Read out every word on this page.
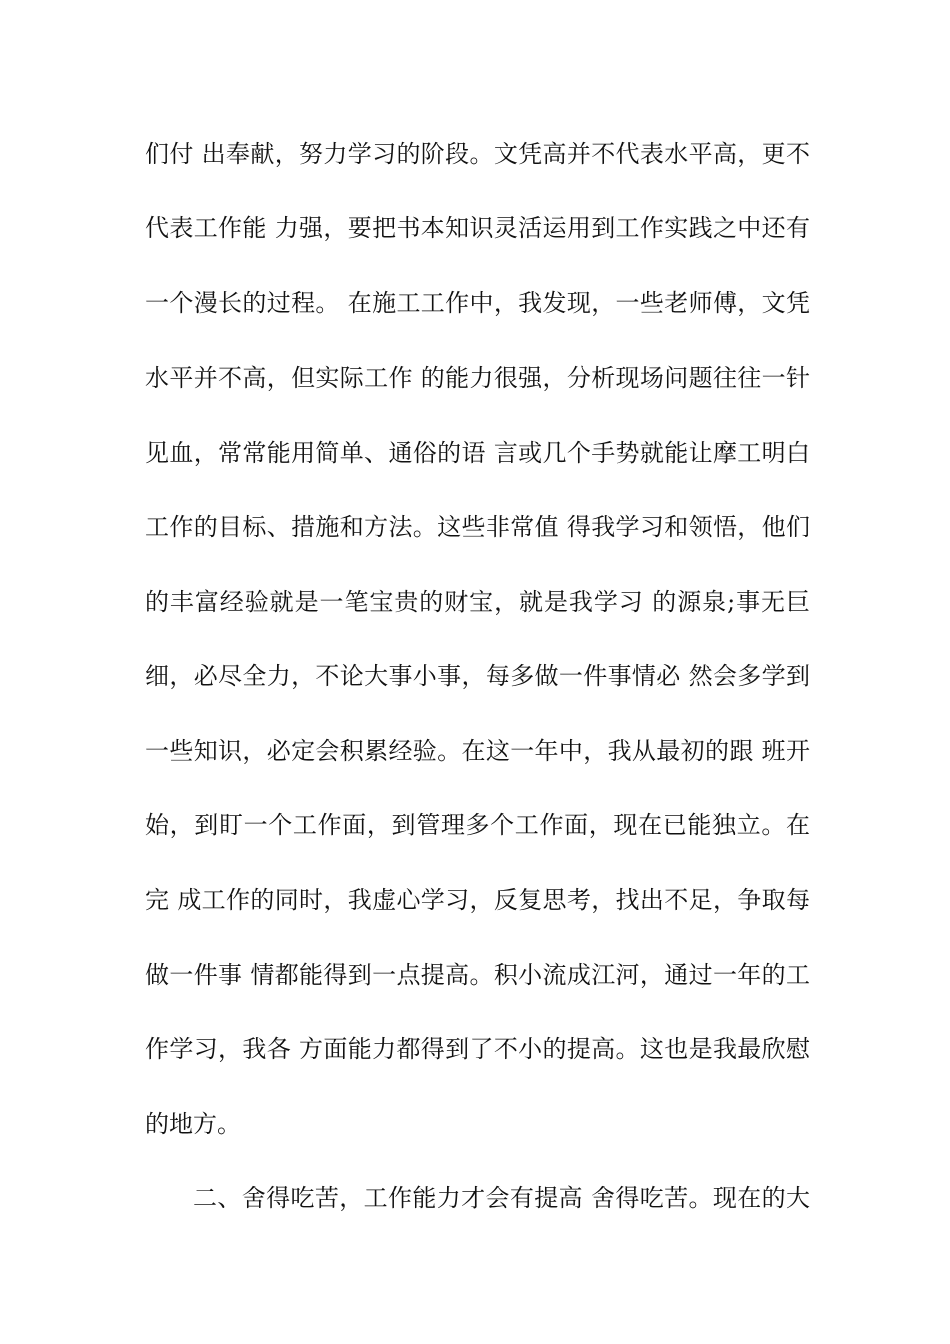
们付 出奉献，努力学习的阶段。文凭高并不代表水平高，更不
代表工作能 力强，要把书本知识灵活运用到工作实践之中还有
一个漫长的过程。 在施工工作中，我发现，一些老师傅，文凭
水平并不高，但实际工作 的能力很强，分析现场问题往往一针
见血，常常能用简单、通俗的语 言或几个手势就能让摩工明白
工作的目标、措施和方法。这些非常值 得我学习和领悟，他们
的丰富经验就是一笔宝贵的财宝，就是我学习 的源泉;事无巨
细，必尽全力，不论大事小事，每多做一件事情必 然会多学到
一些知识，必定会积累经验。在这一年中，我从最初的跟 班开
始，到盯一个工作面，到管理多个工作面，现在已能独立。在
完 成工作的同时，我虚心学习，反复思考，找出不足，争取每
做一件事 情都能得到一点提高。积小流成江河，通过一年的工
作学习，我各 方面能力都得到了不小的提高。这也是我最欣慰
的地方。
二、舍得吃苦，工作能力才会有提高 舍得吃苦。现在的大
